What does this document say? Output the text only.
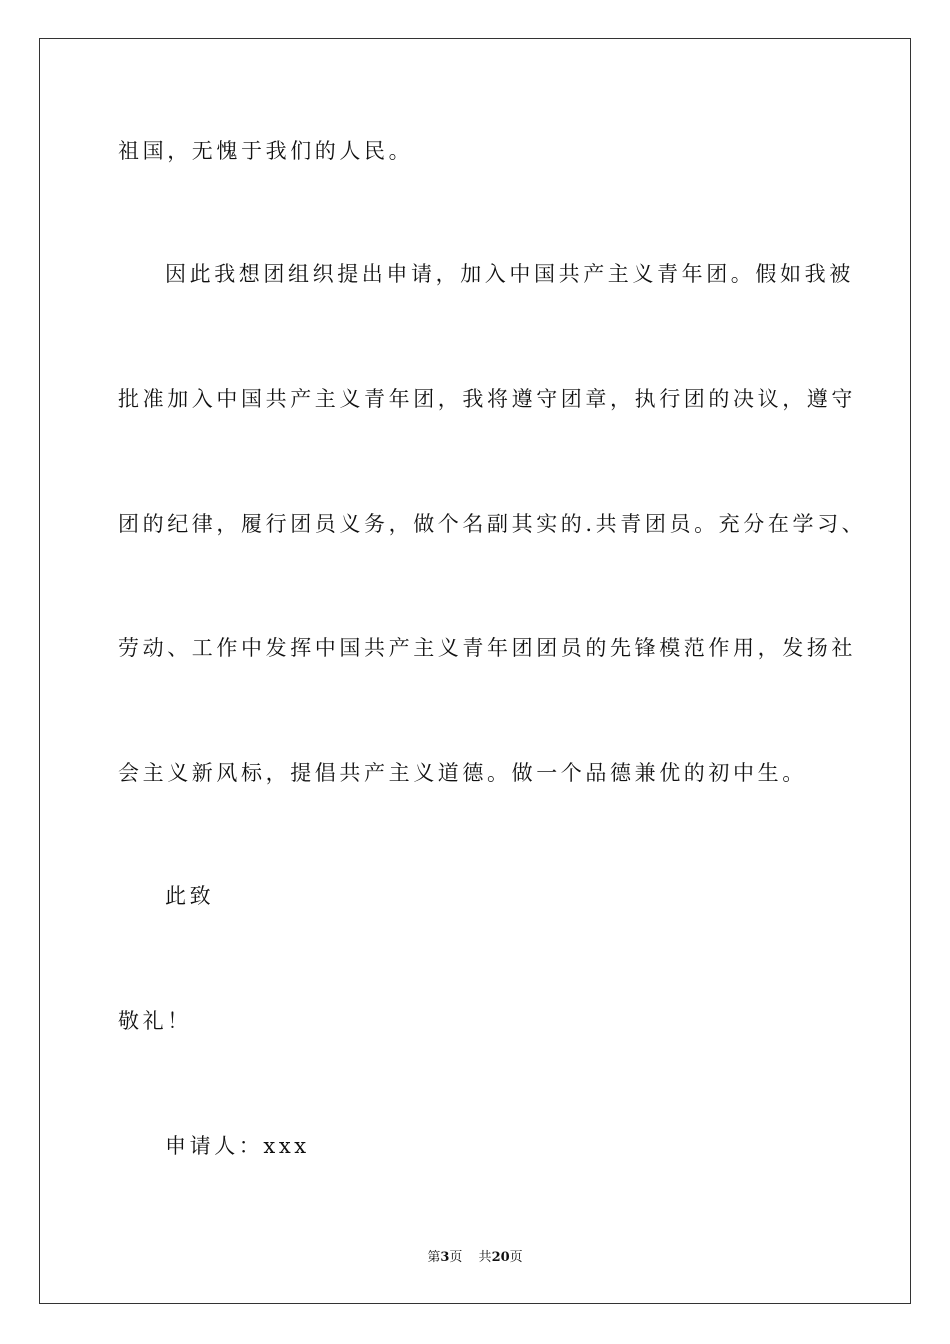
祖国，无愧于我们的人民。
因此我想团组织提出申请，加入中国共产主义青年团。假如我被
批准加入中国共产主义青年团，我将遵守团章，执行团的决议，遵守
团的纪律，履行团员义务，做个名副其实的.共青团员。充分在学习、
劳动、工作中发挥中国共产主义青年团团员的先锋模范作用，发扬社
会主义新风标，提倡共产主义道德。做一个品德兼优的初中生。
此致
敬礼！
申请人：xxx
第3页 共20页
